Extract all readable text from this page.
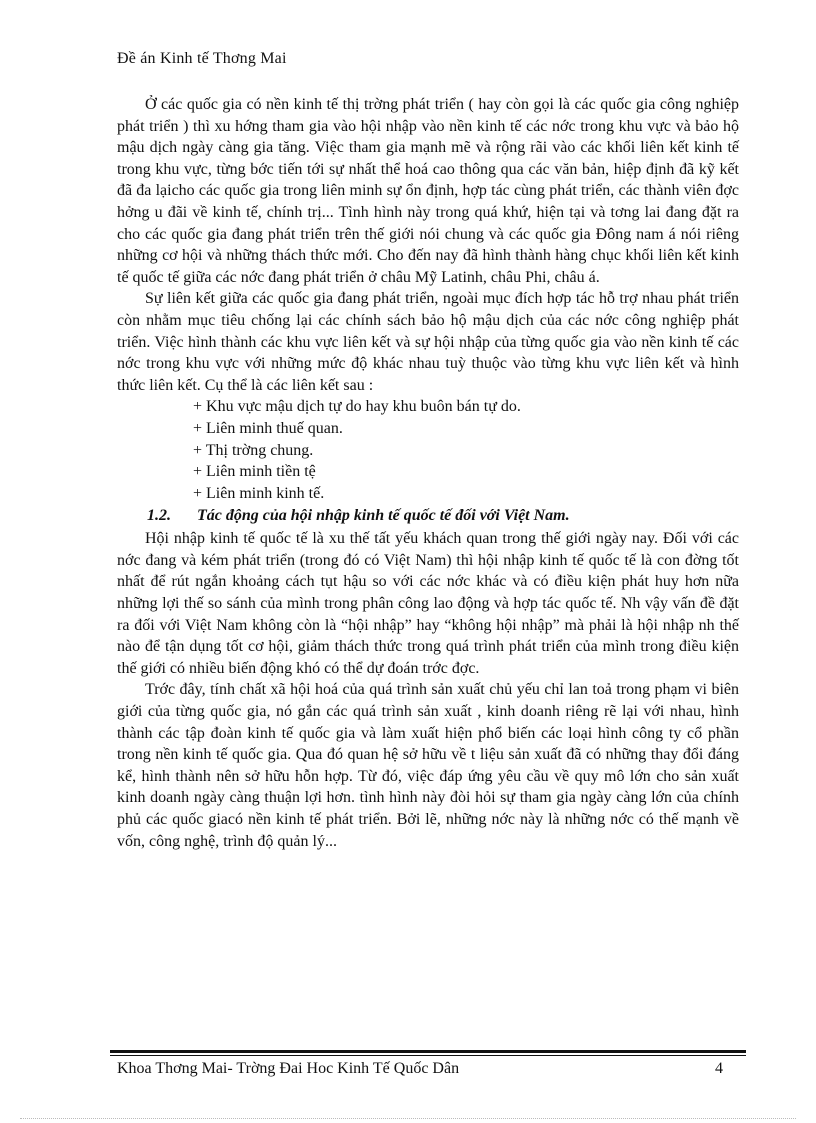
Đề án Kinh tế Thơng Mai

Ở các quốc gia có nền kinh tế thị trờng phát triển ( hay còn gọi là các quốc gia công nghiệp phát triển ) thì xu hớng tham gia vào hội nhập vào nền kinh tế các nớc trong khu vực và bảo hộ mậu dịch ngày càng gia tăng. Việc tham gia mạnh mẽ và rộng rãi vào các khối liên kết kinh tế trong khu vực, từng bớc tiến tới sự nhất thể hoá cao thông qua các văn bản, hiệp định đã kỹ kết đã đa lạicho các quốc gia trong liên minh sự ổn định, hợp tác cùng phát triển, các thành viên đợc hởng u đãi về kinh tế, chính trị... Tình hình này trong quá khứ, hiện tại và tơng lai đang đặt ra cho các quốc gia đang phát triển trên thế giới nói chung và các quốc gia Đông nam á nói riêng những cơ hội và những thách thức mới. Cho đến nay đã hình thành hàng chục khối liên kết kinh tế quốc tế giữa các nớc đang phát triển ở châu Mỹ Latinh, châu Phi, châu á.

Sự liên kết giữa các quốc gia đang phát triển, ngoài mục đích hợp tác hỗ trợ nhau phát triển còn nhằm mục tiêu chống lại các chính sách bảo hộ mậu dịch của các nớc công nghiệp phát triển. Việc hình thành các khu vực liên kết và sự hội nhập của từng quốc gia vào nền kinh tế các nớc trong khu vực với những mức độ khác nhau tuỳ thuộc vào từng khu vực liên kết và hình thức liên kết. Cụ thể là các liên kết sau :

+ Khu vực mậu dịch tự do hay khu buôn bán tự do.
+ Liên minh thuế quan.
+ Thị trờng chung.
+ Liên minh tiền tệ
+ Liên minh kinh tế.
1.2. Tác động của hội nhập kinh tế quốc tế đối với Việt Nam.

Hội nhập kinh tế quốc tế là xu thế tất yếu khách quan trong thế giới ngày nay. Đối với các nớc đang và kém phát triển (trong đó có Việt Nam) thì hội nhập kinh tế quốc tế là con đờng tốt nhất để rút ngắn khoảng cách tụt hậu so với các nớc khác và có điều kiện phát huy hơn nữa những lợi thế so sánh của mình trong phân công lao động và hợp tác quốc tế. Nh vậy vấn đề đặt ra đối với Việt Nam không còn là “hội nhập” hay “không hội nhập” mà phải là hội nhập nh thế nào để tận dụng tốt cơ hội, giảm thách thức trong quá trình phát triển của mình trong điều kiện thế giới có nhiều biến động khó có thể dự đoán trớc đợc.

Trớc đây, tính chất xã hội hoá của quá trình sản xuất chủ yếu chỉ lan toả trong phạm vi biên giới của từng quốc gia, nó gắn các quá trình sản xuất , kinh doanh riêng rẽ lại với nhau, hình thành các tập đoàn kinh tế quốc gia và làm xuất hiện phổ biến các loại hình công ty cổ phần trong nền kinh tế quốc gia. Qua đó quan hệ sở hữu về t liệu sản xuất đã có những thay đổi đáng kể, hình thành nên sở hữu hỗn hợp. Từ đó, việc đáp ứng yêu cầu về quy mô lớn cho sản xuất kinh doanh ngày càng thuận lợi hơn. tình hình này đòi hỏi sự tham gia ngày càng lớn của chính phủ các quốc giacó nền kinh tế phát triển. Bởi lẽ, những nớc này là những nớc có thế mạnh về vốn, công nghệ, trình độ quản lý...

Khoa Thơng Mai- Trờng Đai Hoc Kinh Tế Quốc Dân	4
